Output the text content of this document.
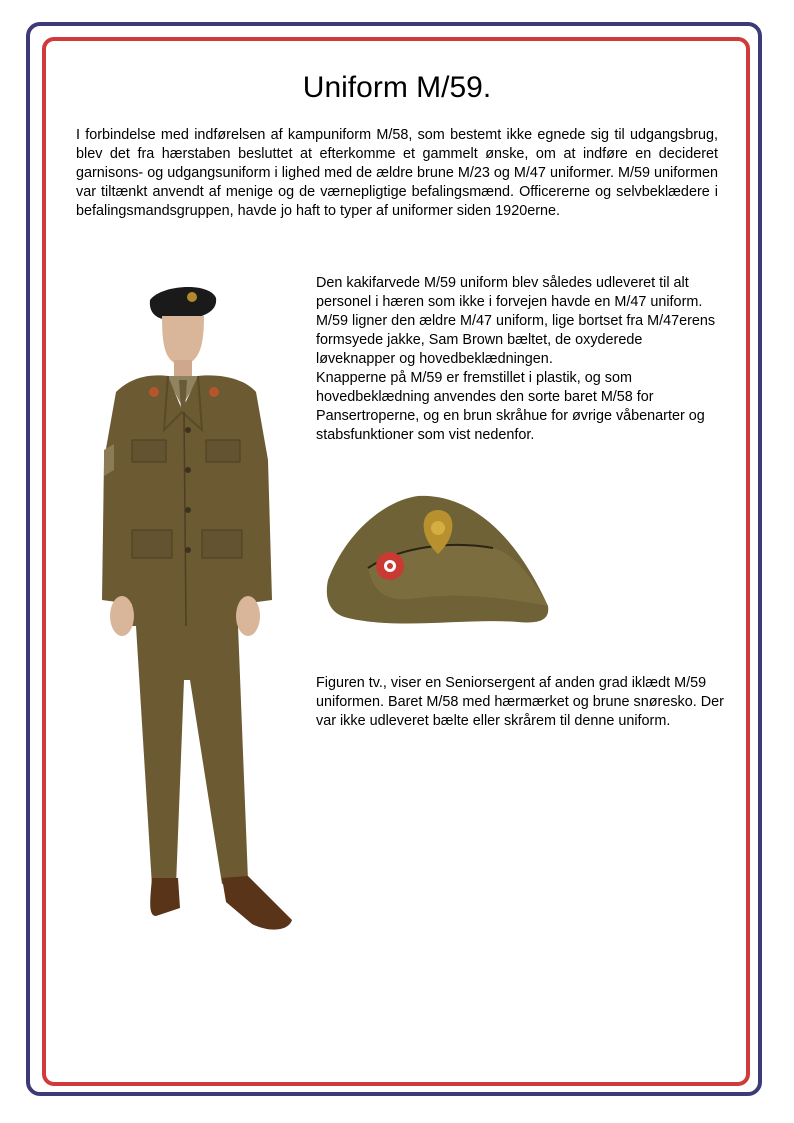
Uniform M/59.

I forbindelse med indførelsen af kampuniform M/58, som bestemt ikke egnede sig til udgangsbrug, blev det fra hærstaben besluttet at efterkomme et gammelt ønske, om at indføre en decideret garnisons- og udgangsuniform i lighed med de ældre brune M/23 og M/47 uniformer. M/59 uniformen var tiltænkt anvendt af menige og de værnepligtige befalingsmænd. Officererne og selvbeklædere i befalingsmandsgruppen, havde jo haft to typer af uniformer siden 1920erne.

Den kakifarvede M/59 uniform blev således udleveret til alt personel i hæren som ikke i forvejen havde en M/47 uniform.

M/59 ligner den ældre M/47 uniform, lige bortset fra M/47erens formsyede jakke, Sam Brown bæltet, de oxyderede løveknapper og hovedbeklædningen.

Knapperne på M/59 er fremstillet i plastik, og som hovedbeklædning anvendes den sorte baret M/58 for Pansertroperne, og en brun skråhue for øvrige våbenarter og stabsfunktioner som vist nedenfor.

Figuren tv., viser en Seniorsergent af anden grad iklædt M/59 uniformen. Baret M/58 med hærmærket og brune snøresko. Der var ikke udleveret bælte eller skrårem til denne uniform.
